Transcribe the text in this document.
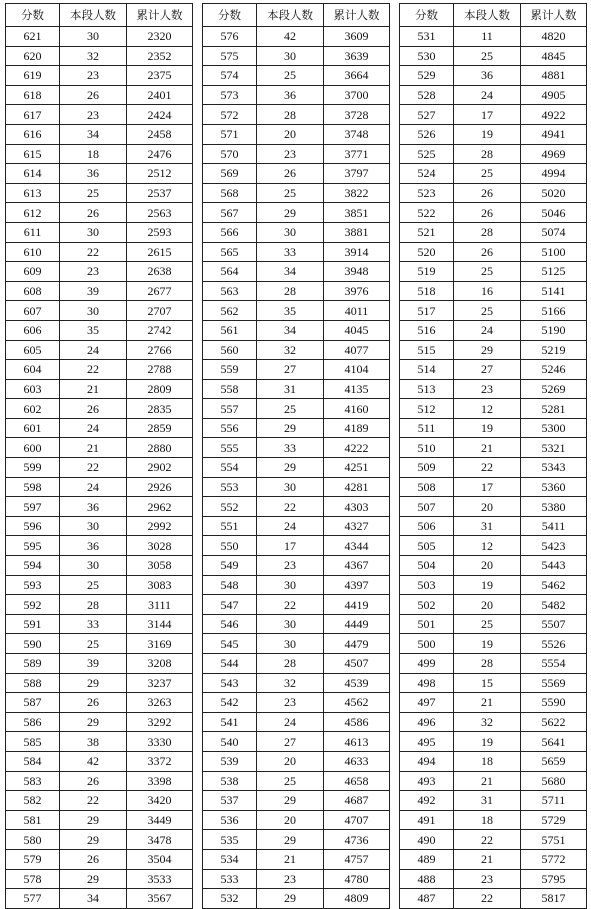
分数	本段人数	累计人数
621	30	2320
620	32	2352
619	23	2375
618	26	2401
617	23	2424
616	34	2458
615	18	2476
614	36	2512
613	25	2537
612	26	2563
611	30	2593
610	22	2615
609	23	2638
608	39	2677
607	30	2707
606	35	2742
605	24	2766
604	22	2788
603	21	2809
602	26	2835
601	24	2859
600	21	2880
599	22	2902
598	24	2926
597	36	2962
596	30	2992
595	36	3028
594	30	3058
593	25	3083
592	28	3111
591	33	3144
590	25	3169
589	39	3208
588	29	3237
587	26	3263
586	29	3292
585	38	3330
584	42	3372
583	26	3398
582	22	3420
581	29	3449
580	29	3478
579	26	3504
578	29	3533
577	34	3567
分数	本段人数	累计人数
576	42	3609
575	30	3639
574	25	3664
573	36	3700
572	28	3728
571	20	3748
570	23	3771
569	26	3797
568	25	3822
567	29	3851
566	30	3881
565	33	3914
564	34	3948
563	28	3976
562	35	4011
561	34	4045
560	32	4077
559	27	4104
558	31	4135
557	25	4160
556	29	4189
555	33	4222
554	29	4251
553	30	4281
552	22	4303
551	24	4327
550	17	4344
549	23	4367
548	30	4397
547	22	4419
546	30	4449
545	30	4479
544	28	4507
543	32	4539
542	23	4562
541	24	4586
540	27	4613
539	20	4633
538	25	4658
537	29	4687
536	20	4707
535	29	4736
534	21	4757
533	23	4780
532	29	4809
分数	本段人数	累计人数
531	11	4820
530	25	4845
529	36	4881
528	24	4905
527	17	4922
526	19	4941
525	28	4969
524	25	4994
523	26	5020
522	26	5046
521	28	5074
520	26	5100
519	25	5125
518	16	5141
517	25	5166
516	24	5190
515	29	5219
514	27	5246
513	23	5269
512	12	5281
511	19	5300
510	21	5321
509	22	5343
508	17	5360
507	20	5380
506	31	5411
505	12	5423
504	20	5443
503	19	5462
502	20	5482
501	25	5507
500	19	5526
499	28	5554
498	15	5569
497	21	5590
496	32	5622
495	19	5641
494	18	5659
493	21	5680
492	31	5711
491	18	5729
490	22	5751
489	21	5772
488	23	5795
487	22	5817
